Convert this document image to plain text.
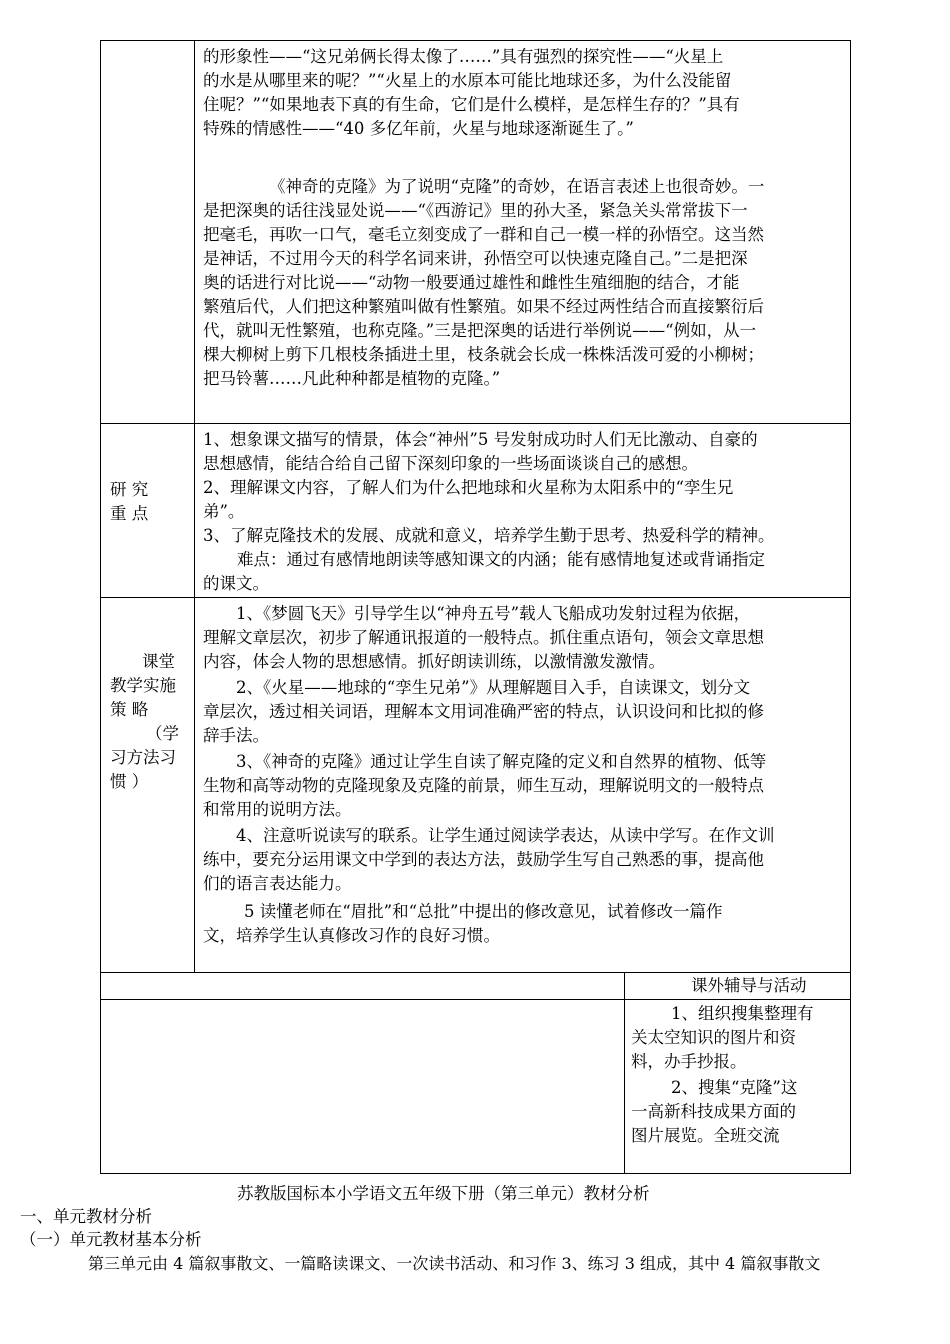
的形象性——“这兄弟俩长得太像了……”具有强烈的探究性——“火星上
的水是从哪里来的呢？”“火星上的水原本可能比地球还多，为什么没能留
住呢？”“如果地表下真的有生命，它们是什么模样，是怎样生存的？”具有
特殊的情感性——“40 多亿年前，火星与地球逐渐诞生了。”
《神奇的克隆》为了说明“克隆”的奇妙，在语言表述上也很奇妙。一
是把深奥的话往浅显处说——“《西游记》里的孙大圣，紧急关头常常拔下一
把毫毛，再吹一口气，毫毛立刻变成了一群和自己一模一样的孙悟空。这当然
是神话，不过用今天的科学名词来讲，孙悟空可以快速克隆自己。”二是把深
奥的话进行对比说——“动物一般要通过雄性和雌性生殖细胞的结合，才能
繁殖后代，人们把这种繁殖叫做有性繁殖。如果不经过两性结合而直接繁衍后
代，就叫无性繁殖，也称克隆。”三是把深奥的话进行举例说——“例如，从一
棵大柳树上剪下几根枝条插进土里，枝条就会长成一株株活泼可爱的小柳树；
把马铃薯……凡此种种都是植物的克隆。”
研 究
重 点
1、想象课文描写的情景，体会“神州”5 号发射成功时人们无比激动、自豪的
思想感情，能结合给自己留下深刻印象的一些场面谈谈自己的感想。
2、理解课文内容，了解人们为什么把地球和火星称为太阳系中的“孪生兄
弟”。
3、了解克隆技术的发展、成就和意义，培养学生勤于思考、热爱科学的精神。
难点：通过有感情地朗读等感知课文的内涵；能有感情地复述或背诵指定
的课文。
课堂
教学实施
策 略
（学
习方法习
惯 ）
1、《梦圆飞天》引导学生以“神舟五号”载人飞船成功发射过程为依据，
理解文章层次，初步了解通讯报道的一般特点。抓住重点语句，领会文章思想
内容，体会人物的思想感情。抓好朗读训练，以激情激发激情。
2、《火星——地球的“孪生兄弟”》从理解题目入手，自读课文，划分文
章层次，透过相关词语，理解本文用词准确严密的特点，认识设问和比拟的修
辞手法。
3、《神奇的克隆》通过让学生自读了解克隆的定义和自然界的植物、低等
生物和高等动物的克隆现象及克隆的前景，师生互动，理解说明文的一般特点
和常用的说明方法。
4、注意听说读写的联系。让学生通过阅读学表达，从读中学写。在作文训
练中，要充分运用课文中学到的表达方法，鼓励学生写自己熟悉的事，提高他
们的语言表达能力。
5 读懂老师在“眉批”和“总批”中提出的修改意见，试着修改一篇作
文，培养学生认真修改习作的良好习惯。
课外辅导与活动
1、组织搜集整理有
关太空知识的图片和资
料，办手抄报。
2、搜集“克隆”这
一高新科技成果方面的
图片展览。全班交流
苏教版国标本小学语文五年级下册（第三单元）教材分析
一、单元教材分析
（一）单元教材基本分析
第三单元由 4 篇叙事散文、一篇略读课文、一次读书活动、和习作 3、练习 3 组成，其中 4 篇叙事散文
